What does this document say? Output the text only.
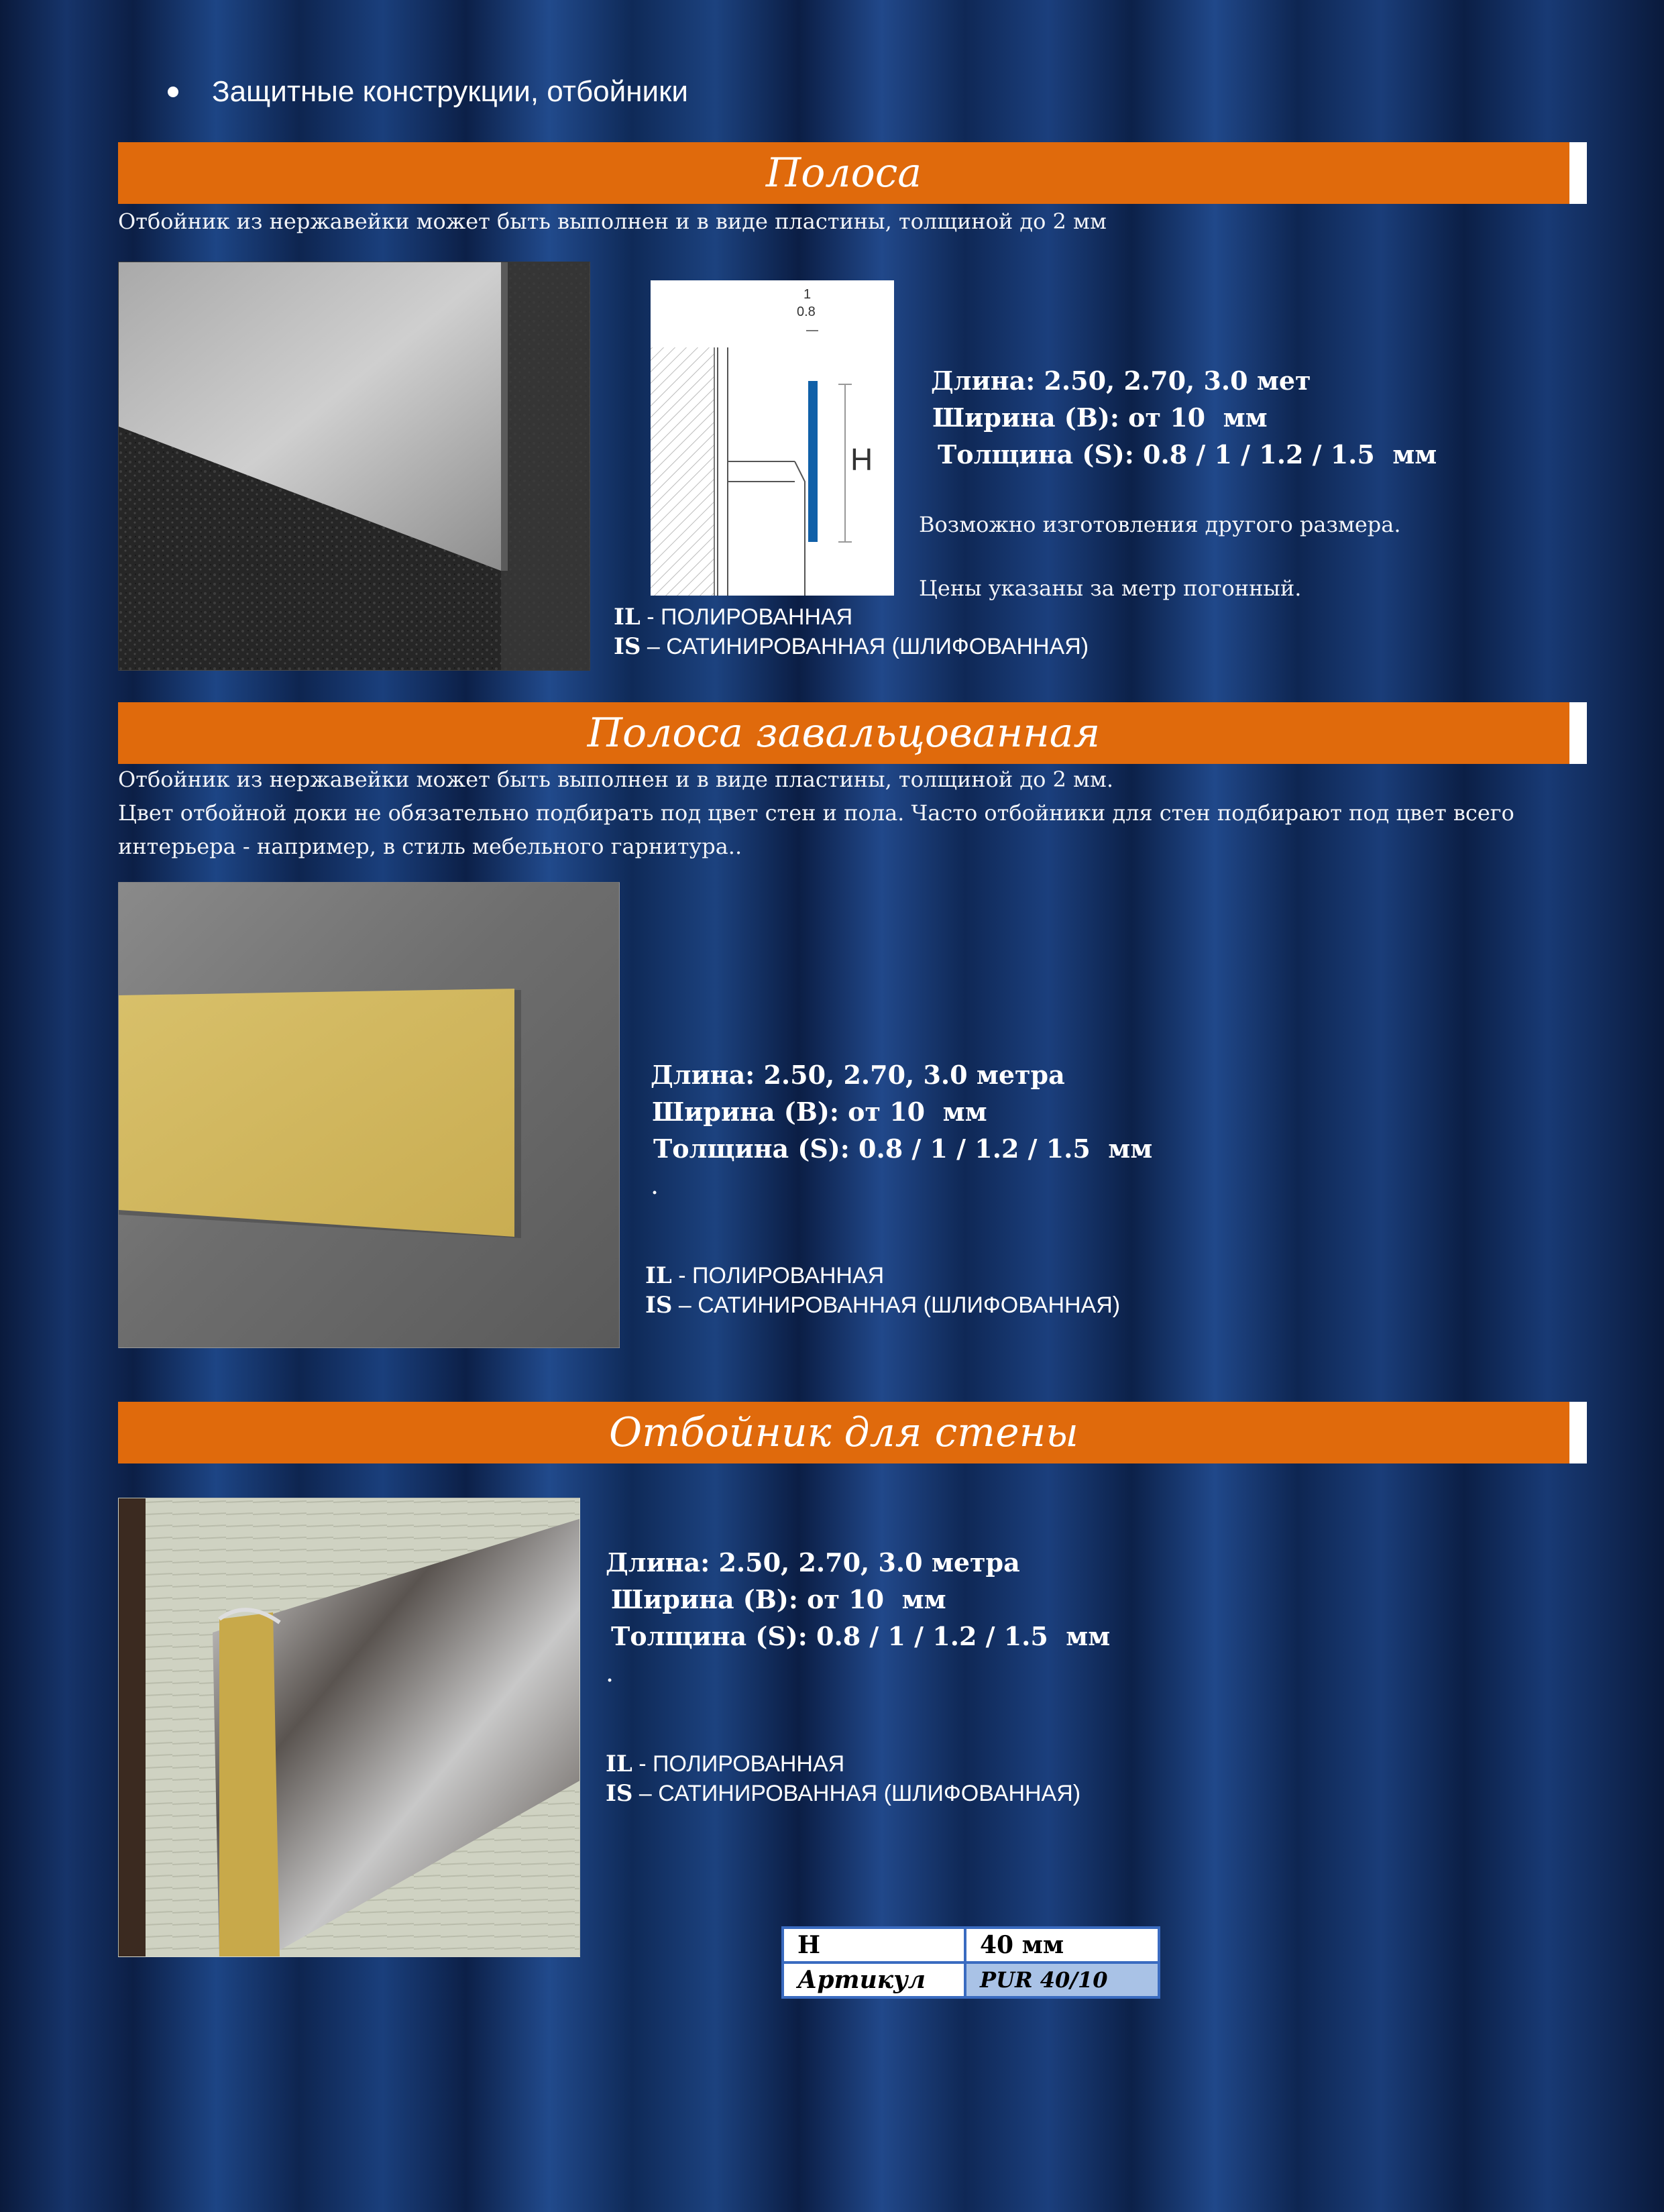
Защитные конструкции, отбойники
Полоса
Отбойник из нержавейки может быть выполнен и в виде пластины, толщиной до 2 мм
1
0.8
H
Длина: 2.50, 2.70, 3.0 мет
Ширина (В): от 10  мм
Толщина (S): 0.8 / 1 / 1.2 / 1.5  мм
Возможно изготовления другого размера.
Цены указаны за метр погонный.
IL - ПОЛИРОВАННАЯ
IS – САТИНИРОВАННАЯ (ШЛИФОВАННАЯ)
Полоса завальцованная
Отбойник из нержавейки может быть выполнен и в виде пластины, толщиной до 2 мм.
Цвет отбойной доки не обязательно подбирать под цвет стен и пола. Часто отбойники для стен подбирают под цвет всего
интерьера - например, в стиль мебельного гарнитура..
Длина: 2.50, 2.70, 3.0 метра
Ширина (В): от 10  мм
Толщина (S): 0.8 / 1 / 1.2 / 1.5  мм
.
IL - ПОЛИРОВАННАЯ
IS – САТИНИРОВАННАЯ (ШЛИФОВАННАЯ)
Отбойник для стены
Длина: 2.50, 2.70, 3.0 метра
Ширина (В): от 10  мм
Толщина (S): 0.8 / 1 / 1.2 / 1.5  мм
.
IL - ПОЛИРОВАННАЯ
IS – САТИНИРОВАННАЯ (ШЛИФОВАННАЯ)
H	40 мм
Артикул	PUR 40/10
